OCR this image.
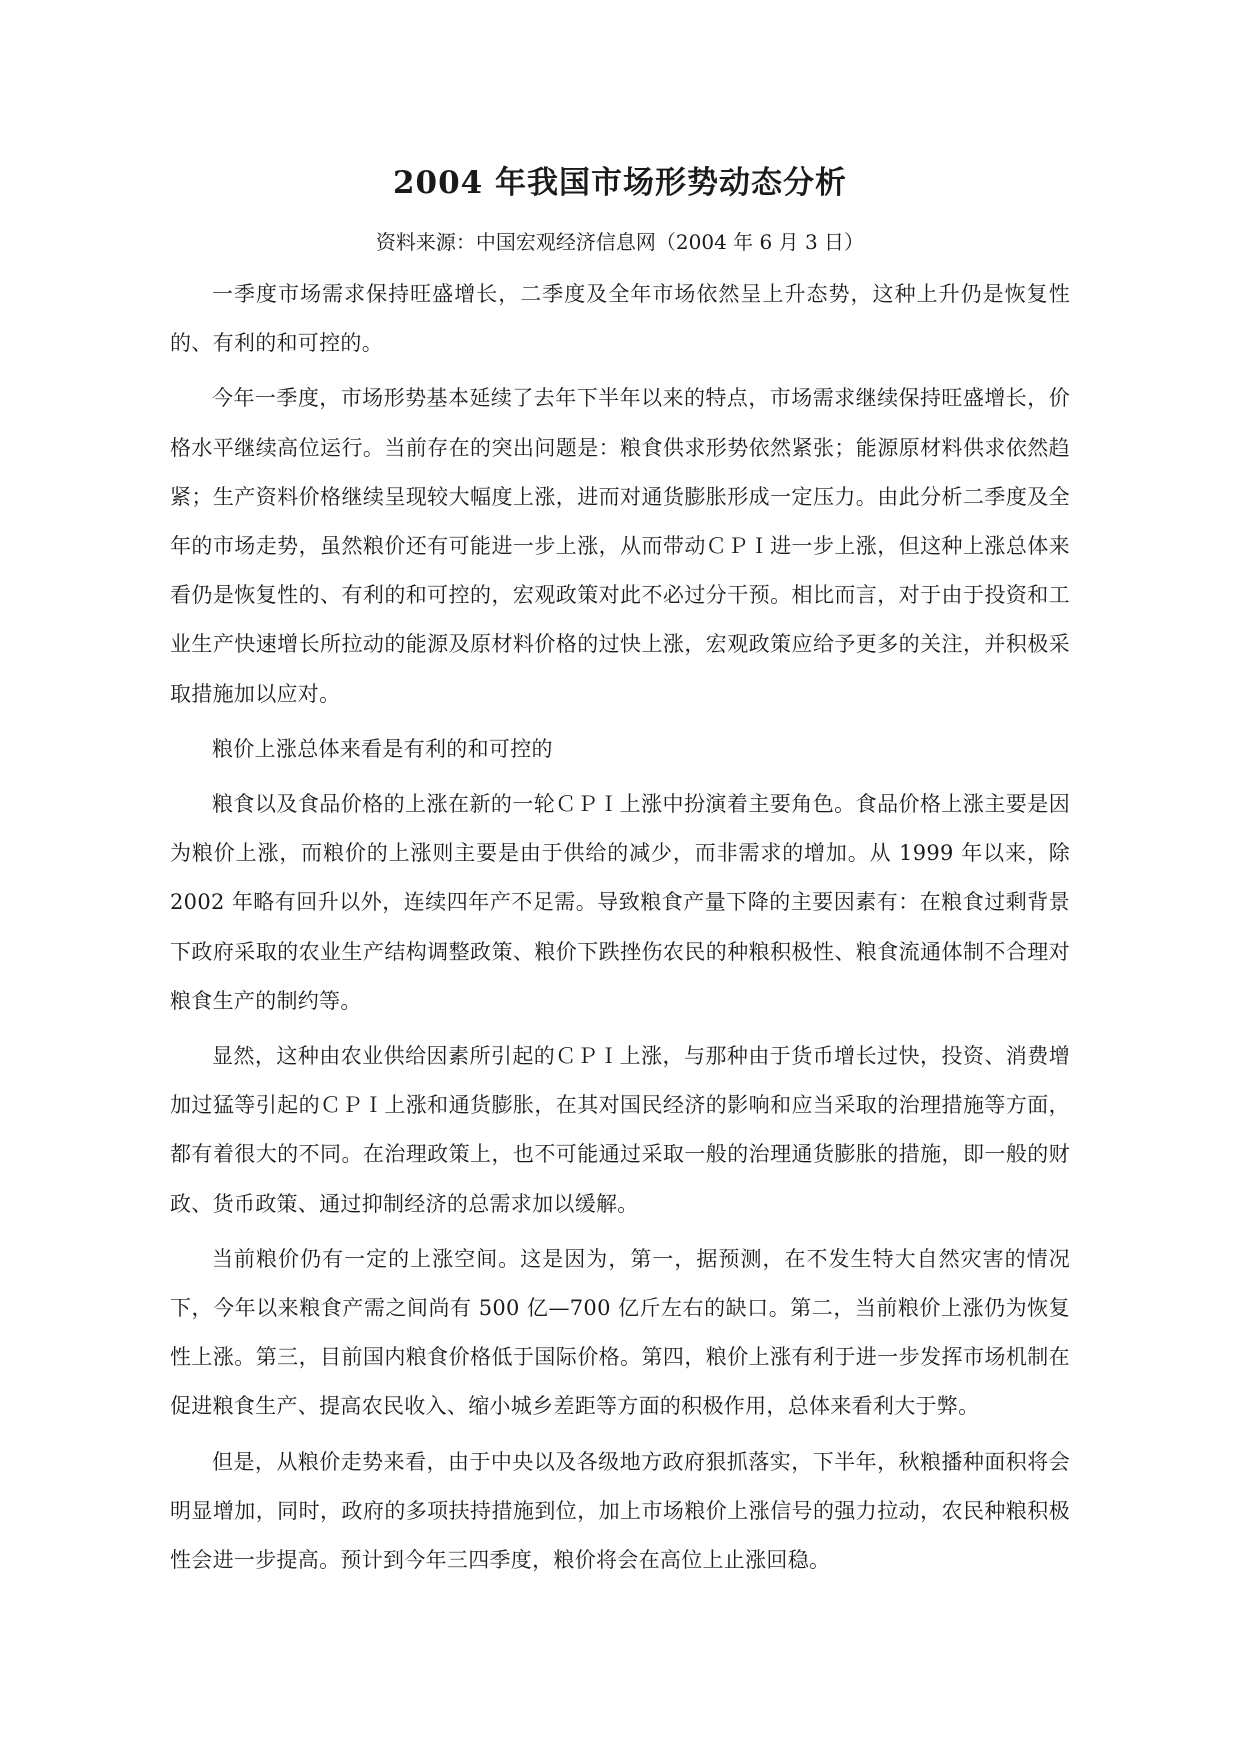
2004 年我国市场形势动态分析

资料来源：中国宏观经济信息网（2004 年 6 月 3 日）

一季度市场需求保持旺盛增长，二季度及全年市场依然呈上升态势，这种上升仍是恢复性的、有利的和可控的。

今年一季度，市场形势基本延续了去年下半年以来的特点，市场需求继续保持旺盛增长，价格水平继续高位运行。当前存在的突出问题是：粮食供求形势依然紧张；能源原材料供求依然趋紧；生产资料价格继续呈现较大幅度上涨，进而对通货膨胀形成一定压力。由此分析二季度及全年的市场走势，虽然粮价还有可能进一步上涨，从而带动ＣＰＩ进一步上涨，但这种上涨总体来看仍是恢复性的、有利的和可控的，宏观政策对此不必过分干预。相比而言，对于由于投资和工业生产快速增长所拉动的能源及原材料价格的过快上涨，宏观政策应给予更多的关注，并积极采取措施加以应对。

粮价上涨总体来看是有利的和可控的

粮食以及食品价格的上涨在新的一轮ＣＰＩ上涨中扮演着主要角色。食品价格上涨主要是因为粮价上涨，而粮价的上涨则主要是由于供给的减少，而非需求的增加。从 1999 年以来，除 2002 年略有回升以外，连续四年产不足需。导致粮食产量下降的主要因素有：在粮食过剩背景下政府采取的农业生产结构调整政策、粮价下跌挫伤农民的种粮积极性、粮食流通体制不合理对粮食生产的制约等。

显然，这种由农业供给因素所引起的ＣＰＩ上涨，与那种由于货币增长过快，投资、消费增加过猛等引起的ＣＰＩ上涨和通货膨胀，在其对国民经济的影响和应当采取的治理措施等方面，都有着很大的不同。在治理政策上，也不可能通过采取一般的治理通货膨胀的措施，即一般的财政、货币政策、通过抑制经济的总需求加以缓解。

当前粮价仍有一定的上涨空间。这是因为，第一，据预测，在不发生特大自然灾害的情况下，今年以来粮食产需之间尚有 500 亿—700 亿斤左右的缺口。第二，当前粮价上涨仍为恢复性上涨。第三，目前国内粮食价格低于国际价格。第四，粮价上涨有利于进一步发挥市场机制在促进粮食生产、提高农民收入、缩小城乡差距等方面的积极作用，总体来看利大于弊。

但是，从粮价走势来看，由于中央以及各级地方政府狠抓落实，下半年，秋粮播种面积将会明显增加，同时，政府的多项扶持措施到位，加上市场粮价上涨信号的强力拉动，农民种粮积极性会进一步提高。预计到今年三四季度，粮价将会在高位上止涨回稳。
